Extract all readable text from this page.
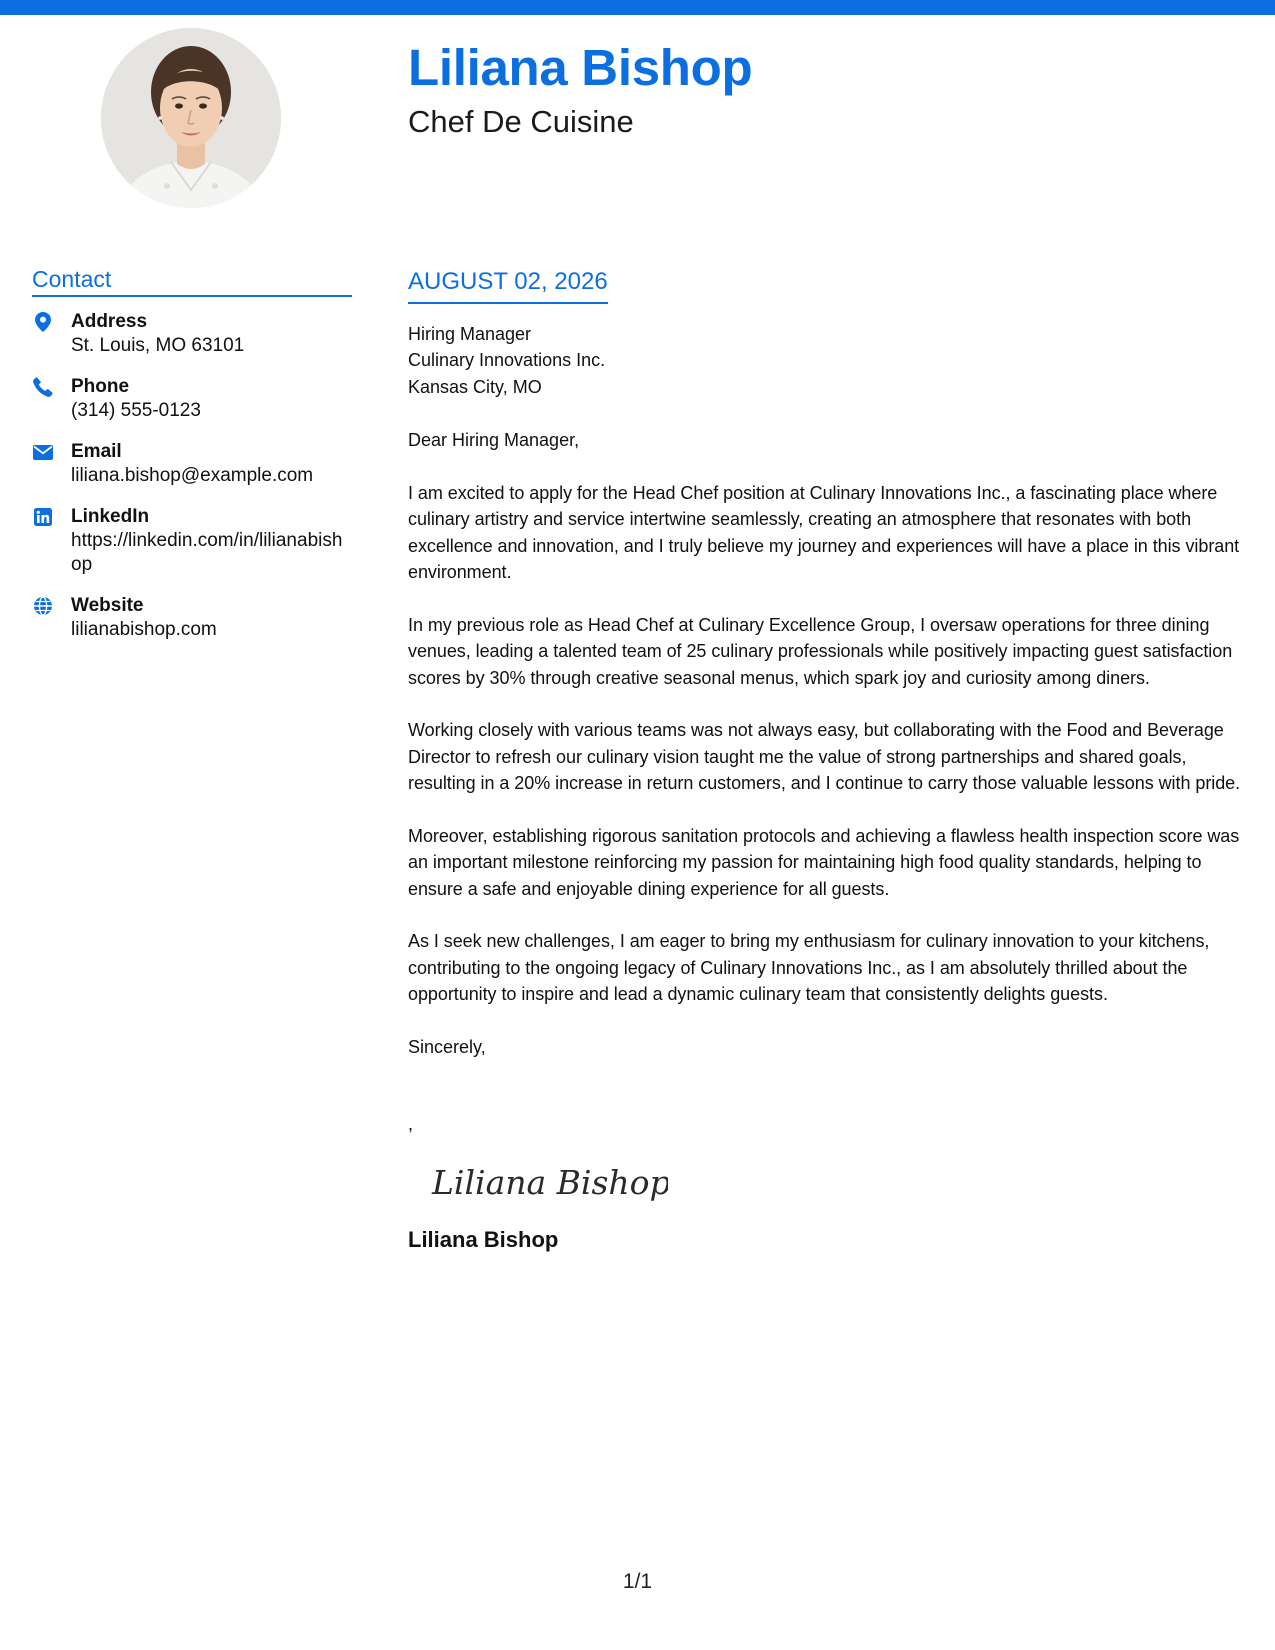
Liliana Bishop
Chef De Cuisine
Contact
Address
St. Louis, MO 63101
Phone
(314) 555-0123
Email
liliana.bishop@example.com
LinkedIn
https://linkedin.com/in/lilianabishop
Website
lilianabishop.com
AUGUST 02, 2026
Hiring Manager
Culinary Innovations Inc.
Kansas City, MO
Dear Hiring Manager,

I am excited to apply for the Head Chef position at Culinary Innovations Inc., a fascinating place where culinary artistry and service intertwine seamlessly, creating an atmosphere that resonates with both excellence and innovation, and I truly believe my journey and experiences will have a place in this vibrant environment.

In my previous role as Head Chef at Culinary Excellence Group, I oversaw operations for three dining venues, leading a talented team of 25 culinary professionals while positively impacting guest satisfaction scores by 30% through creative seasonal menus, which spark joy and curiosity among diners.

Working closely with various teams was not always easy, but collaborating with the Food and Beverage Director to refresh our culinary vision taught me the value of strong partnerships and shared goals, resulting in a 20% increase in return customers, and I continue to carry those valuable lessons with pride.

Moreover, establishing rigorous sanitation protocols and achieving a flawless health inspection score was an important milestone reinforcing my passion for maintaining high food quality standards, helping to ensure a safe and enjoyable dining experience for all guests.

As I seek new challenges, I am eager to bring my enthusiasm for culinary innovation to your kitchens, contributing to the ongoing legacy of Culinary Innovations Inc., as I am absolutely thrilled about the opportunity to inspire and lead a dynamic culinary team that consistently delights guests.

Sincerely,
,
Liliana Bishop
Liliana Bishop
1/1
